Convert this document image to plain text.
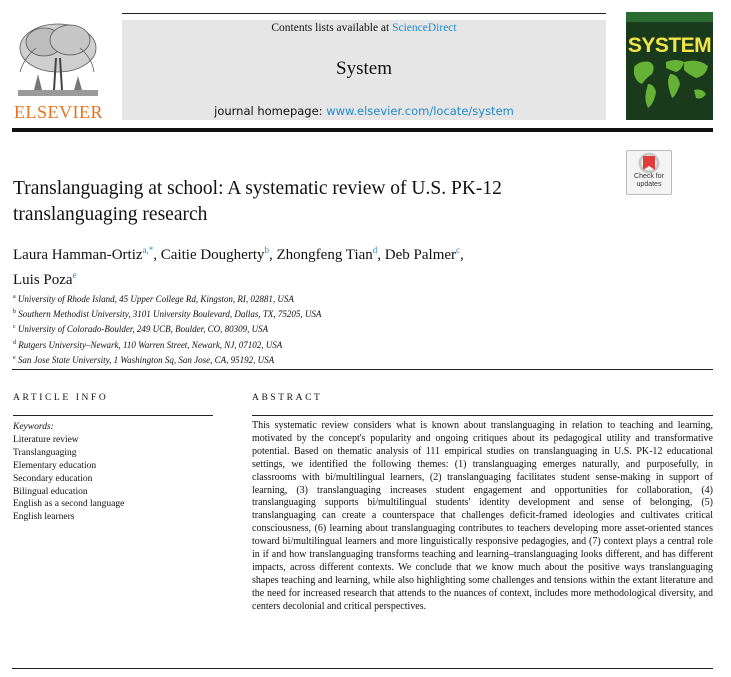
ELSEVIER
Contents lists available at ScienceDirect
System
journal homepage: www.elsevier.com/locate/system
SYSTEM
Check for
updates
Translanguaging at school: A systematic review of U.S. PK-12 translanguaging research
Laura Hamman-Ortiz$^{a,*}$, Caitie Dougherty$^b$, Zhongfeng Tian$^d$, Deb Palmer$^c$,
Luis Poza$^e$
$^a$ University of Rhode Island, 45 Upper College Rd, Kingston, RI, 02881, USA
$^b$ Southern Methodist University, 3101 University Boulevard, Dallas, TX, 75205, USA
$^c$ University of Colorado-Boulder, 249 UCB, Boulder, CO, 80309, USA
$^d$ Rutgers University–Newark, 110 Warren Street, Newark, NJ, 07102, USA
$^e$ San Jose State University, 1 Washington Sq, San Jose, CA, 95192, USA
ARTICLE INFO
Keywords:
Literature review
Translanguaging
Elementary education
Secondary education
Bilingual education
English as a second language
English learners
ABSTRACT
This systematic review considers what is known about translanguaging in relation to teaching and learning, motivated by the concept's popularity and ongoing critiques about its pedagogical utility and transformative potential. Based on thematic analysis of 111 empirical studies on translanguaging in U.S. PK-12 educational settings, we identified the following themes: (1) translanguaging emerges naturally, and purposefully, in classrooms with bi/multilingual learners, (2) translanguaging facilitates student sense-making in support of learning, (3) translanguaging increases student engagement and opportunities for collaboration, (4) translanguaging supports bi/multilingual students' identity development and sense of belonging, (5) translanguaging can create a counterspace that challenges deficit-framed ideologies and cultivates critical consciousness, (6) learning about translanguaging contributes to teachers developing more asset-oriented stances toward bi/multilingual learners and more linguistically responsive pedagogies, and (7) context plays a central role in if and how translanguaging transforms teaching and learning–translanguaging looks different, and has different impacts, across different contexts. We conclude that we know much about the positive ways translanguaging shapes teaching and learning, while also highlighting some challenges and tensions within the extant literature and the need for increased research that attends to the nuances of context, includes more methodological diversity, and centers decolonial and critical perspectives.
